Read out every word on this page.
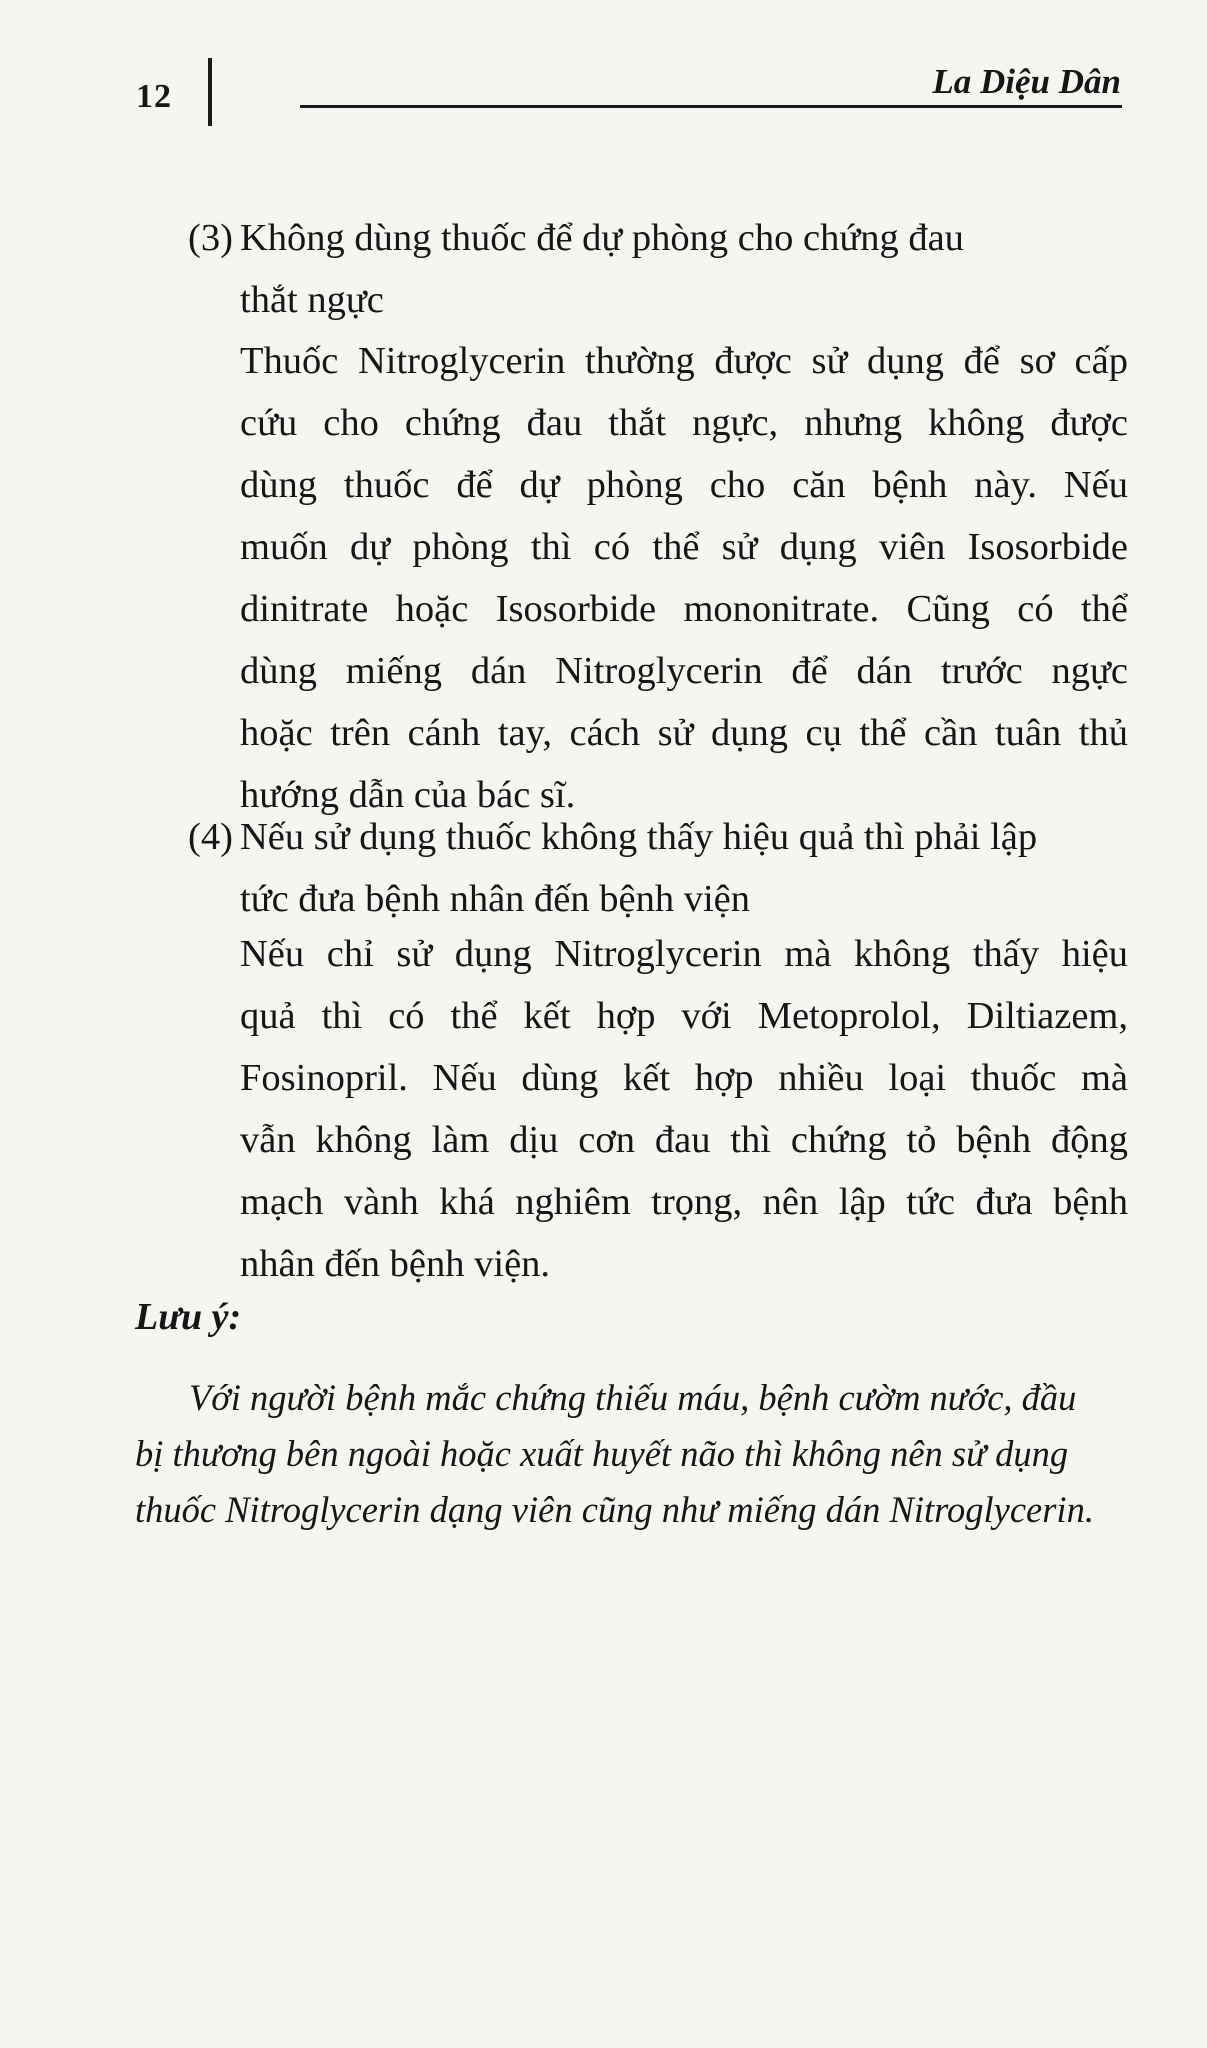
12	La Diệu Dân
(3) Không dùng thuốc để dự phòng cho chứng đau
thắt ngực
Thuốc Nitroglycerin thường được sử dụng để sơ cấp
cứu cho chứng đau thắt ngực, nhưng không được
dùng thuốc để dự phòng cho căn bệnh này. Nếu
muốn dự phòng thì có thể sử dụng viên Isosorbide
dinitrate hoặc Isosorbide mononitrate. Cũng có thể
dùng miếng dán Nitroglycerin để dán trước ngực
hoặc trên cánh tay, cách sử dụng cụ thể cần tuân thủ
hướng dẫn của bác sĩ.
(4) Nếu sử dụng thuốc không thấy hiệu quả thì phải lập
tức đưa bệnh nhân đến bệnh viện
Nếu chỉ sử dụng Nitroglycerin mà không thấy hiệu
quả thì có thể kết hợp với Metoprolol, Diltiazem,
Fosinopril. Nếu dùng kết hợp nhiều loại thuốc mà
vẫn không làm dịu cơn đau thì chứng tỏ bệnh động
mạch vành khá nghiêm trọng, nên lập tức đưa bệnh
nhân đến bệnh viện.
Lưu ý:
Với người bệnh mắc chứng thiếu máu, bệnh cườm nước, đầu
bị thương bên ngoài hoặc xuất huyết não thì không nên sử dụng
thuốc Nitroglycerin dạng viên cũng như miếng dán Nitroglycerin.
